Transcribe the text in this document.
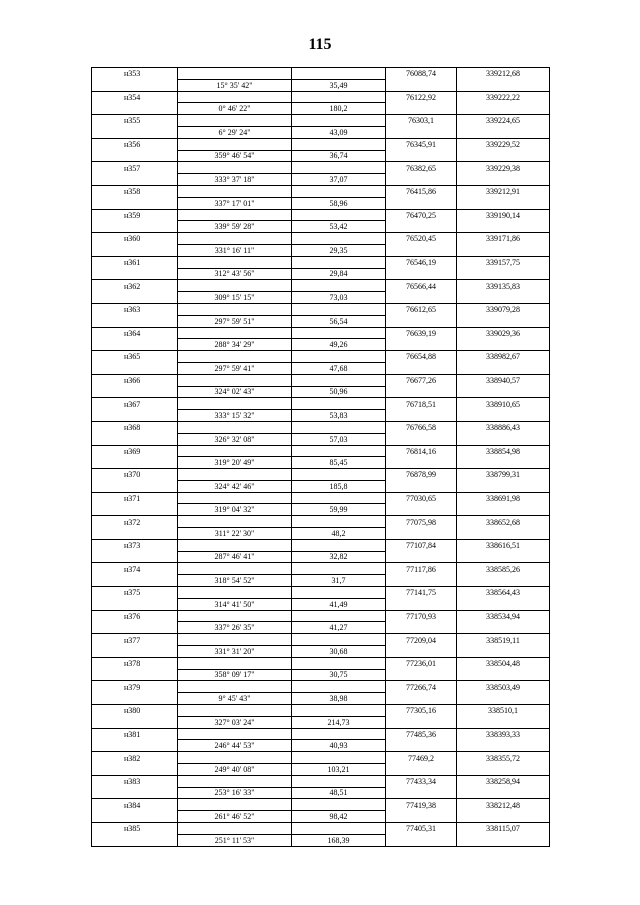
115
н353			76088,74	339212,68
	15° 35' 42"	35,49		
н354			76122,92	339222,22
	0° 46' 22"	180,2		
н355			76303,1	339224,65
	6° 29' 24"	43,09		
н356			76345,91	339229,52
	359° 46' 54"	36,74		
н357			76382,65	339229,38
	333° 37' 18"	37,07		
н358			76415,86	339212,91
	337° 17' 01"	58,96		
н359			76470,25	339190,14
	339° 59' 28"	53,42		
н360			76520,45	339171,86
	331° 16' 11"	29,35		
н361			76546,19	339157,75
	312° 43' 56"	29,84		
н362			76566,44	339135,83
	309° 15' 15"	73,03		
н363			76612,65	339079,28
	297° 59' 51"	56,54		
н364			76639,19	339029,36
	288° 34' 29"	49,26		
н365			76654,88	338982,67
	297° 59' 41"	47,68		
н366			76677,26	338940,57
	324° 02' 43"	50,96		
н367			76718,51	338910,65
	333° 15' 32"	53,83		
н368			76766,58	338886,43
	326° 32' 08"	57,03		
н369			76814,16	338854,98
	319° 20' 49"	85,45		
н370			76878,99	338799,31
	324° 42' 46"	185,8		
н371			77030,65	338691,98
	319° 04' 32"	59,99		
н372			77075,98	338652,68
	311° 22' 30"	48,2		
н373			77107,84	338616,51
	287° 46' 41"	32,82		
н374			77117,86	338585,26
	318° 54' 52"	31,7		
н375			77141,75	338564,43
	314° 41' 50"	41,49		
н376			77170,93	338534,94
	337° 26' 35"	41,27		
н377			77209,04	338519,11
	331° 31' 20"	30,68		
н378			77236,01	338504,48
	358° 09' 17"	30,75		
н379			77266,74	338503,49
	9° 45' 43"	38,98		
н380			77305,16	338510,1
	327° 03' 24"	214,73		
н381			77485,36	338393,33
	246° 44' 53"	40,93		
н382			77469,2	338355,72
	249° 40' 08"	103,21		
н383			77433,34	338258,94
	253° 16' 33"	48,51		
н384			77419,38	338212,48
	261° 46' 52"	98,42		
н385			77405,31	338115,07
	251° 11' 53"	168,39		
